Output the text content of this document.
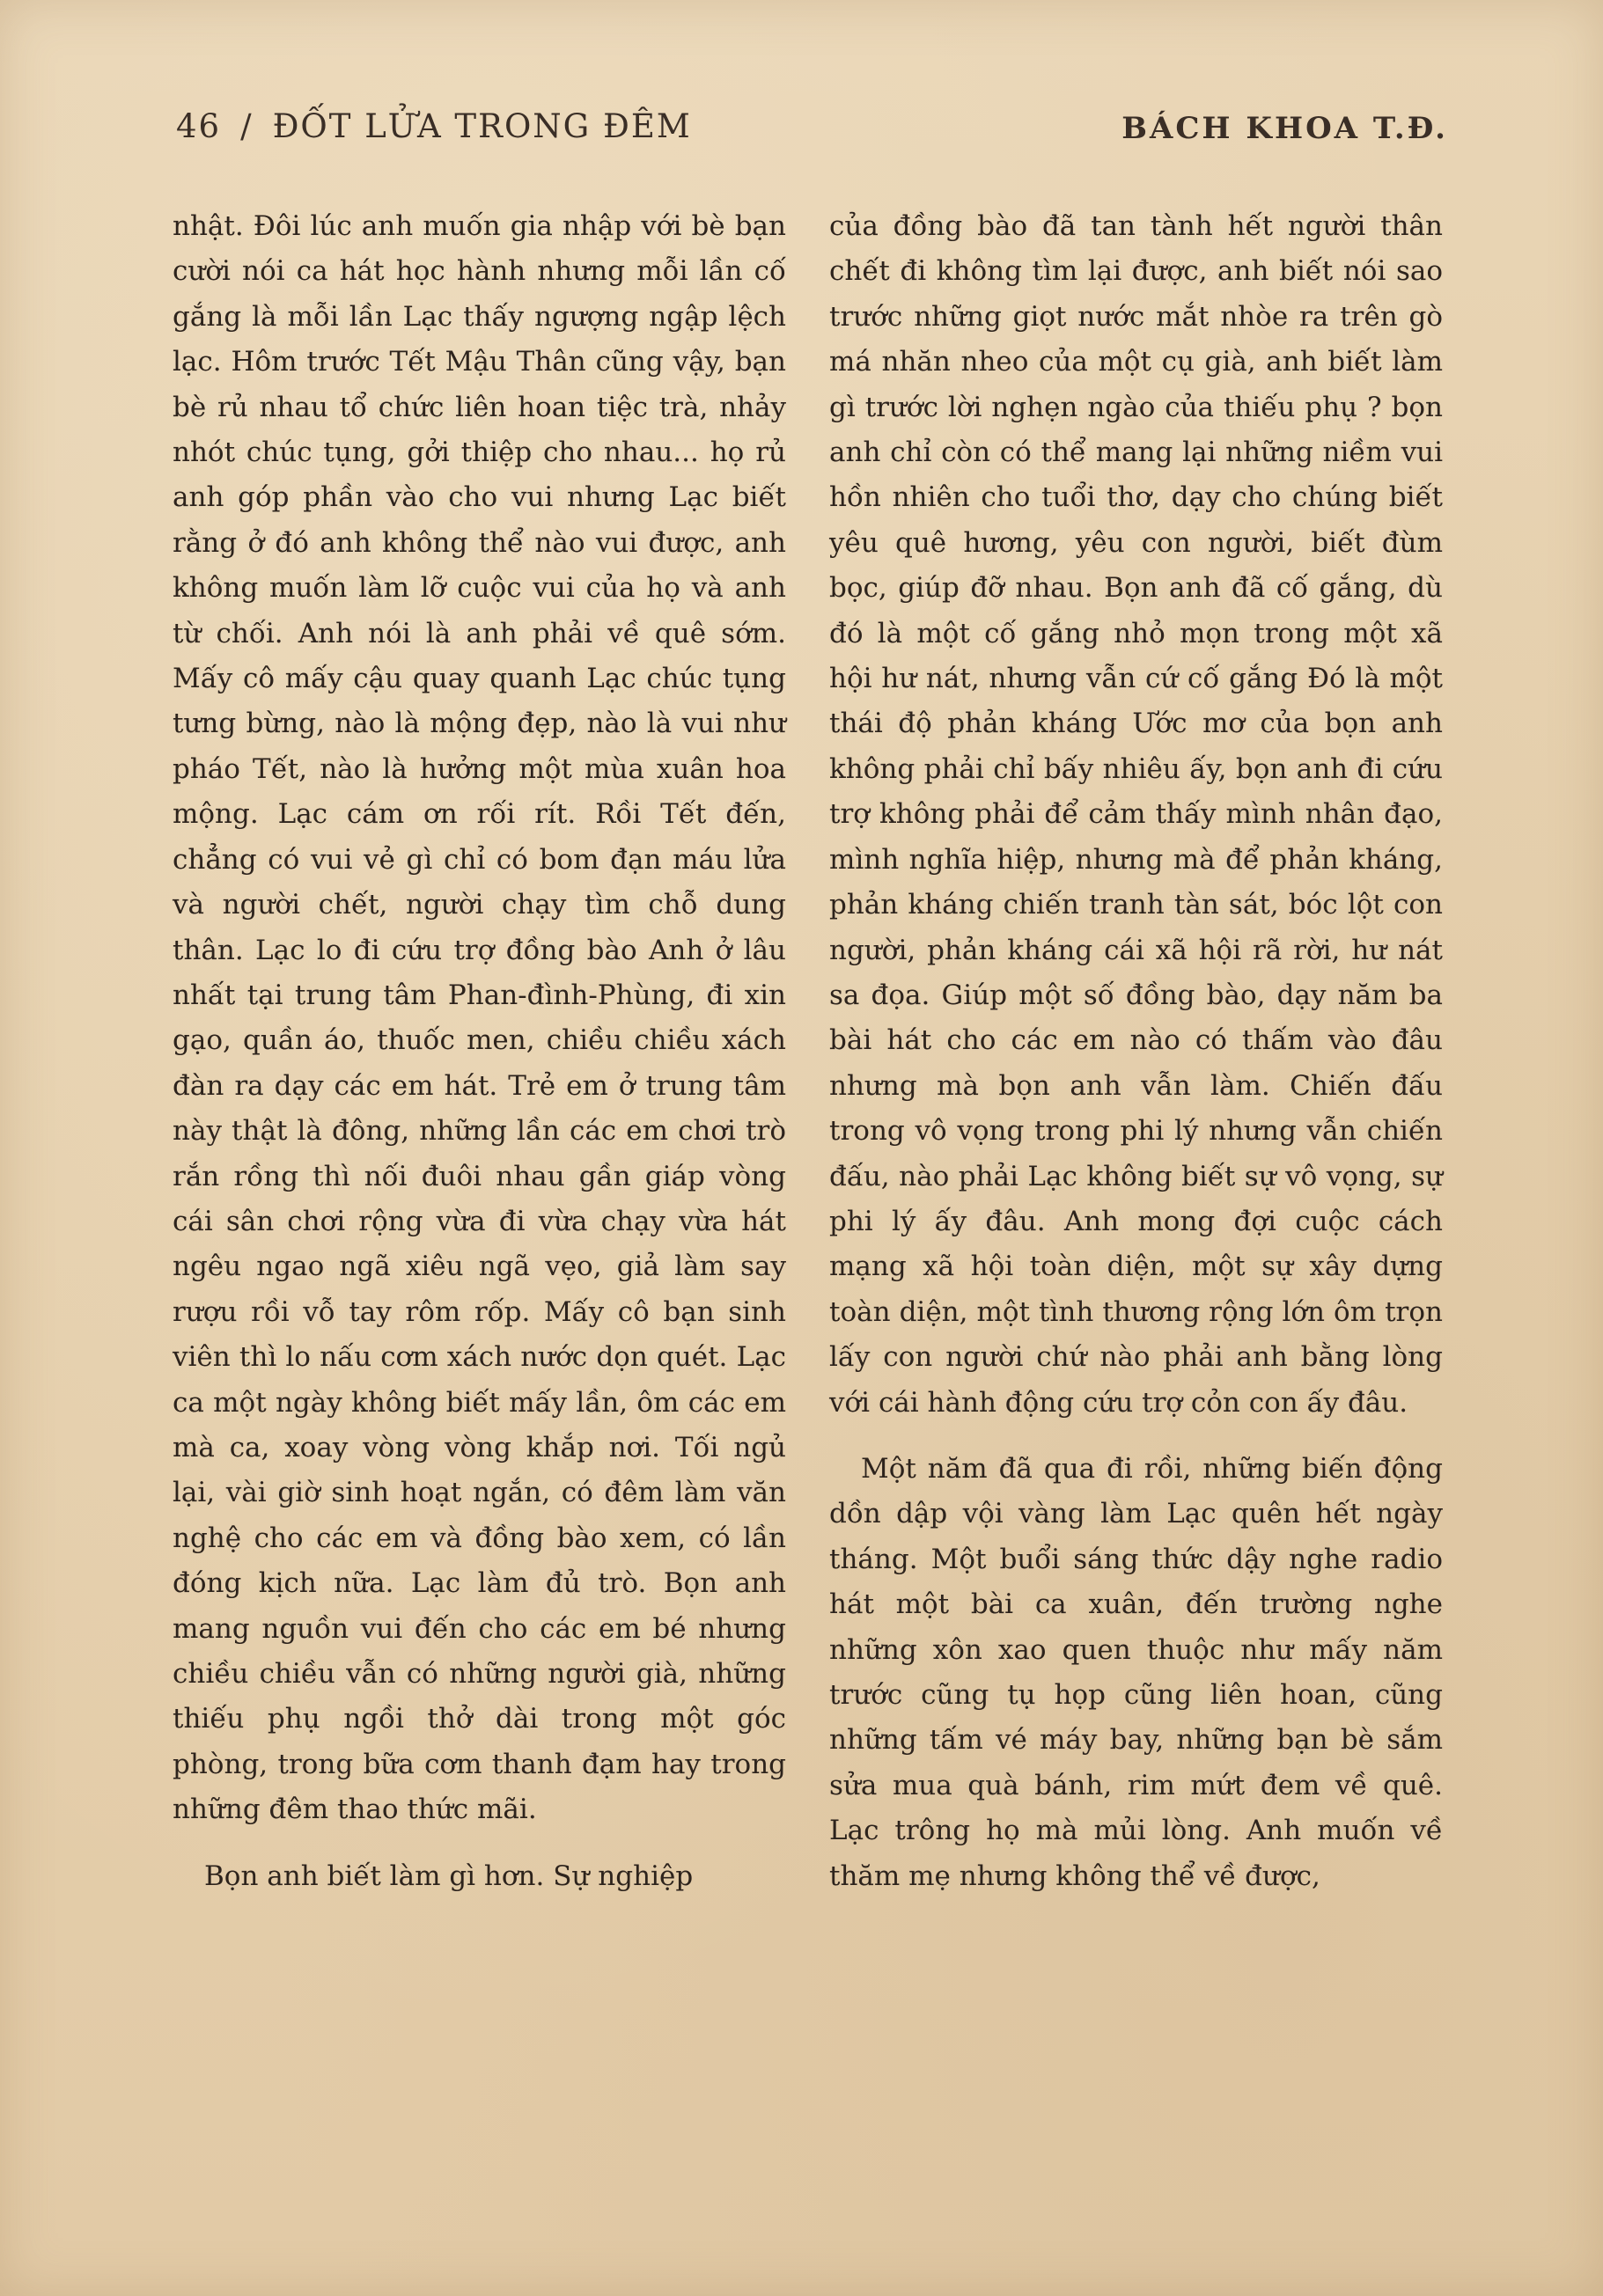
46 / ĐỐT LỬA TRONG ĐÊM	BÁCH KHOA T.Đ.

nhật. Đôi lúc anh muốn gia nhập với bè bạn cười nói ca hát học hành nhưng mỗi lần cố gắng là mỗi lần Lạc thấy ngượng ngập lệch lạc. Hôm trước Tết Mậu Thân cũng vậy, bạn bè rủ nhau tổ chức liên hoan tiệc trà, nhảy nhót chúc tụng, gởi thiệp cho nhau... họ rủ anh góp phần vào cho vui nhưng Lạc biết rằng ở đó anh không thể nào vui được, anh không muốn làm lỡ cuộc vui của họ và anh từ chối. Anh nói là anh phải về quê sớm. Mấy cô mấy cậu quay quanh Lạc chúc tụng tưng bừng, nào là mộng đẹp, nào là vui như pháo Tết, nào là hưởng một mùa xuân hoa mộng. Lạc cám ơn rối rít. Rồi Tết đến, chẳng có vui vẻ gì chỉ có bom đạn máu lửa và người chết, người chạy tìm chỗ dung thân. Lạc lo đi cứu trợ đồng bào Anh ở lâu nhất tại trung tâm Phan-đình-Phùng, đi xin gạo, quần áo, thuốc men, chiều chiều xách đàn ra dạy các em hát. Trẻ em ở trung tâm này thật là đông, những lần các em chơi trò rắn rồng thì nối đuôi nhau gần giáp vòng cái sân chơi rộng vừa đi vừa chạy vừa hát ngêu ngao ngã xiêu ngã vẹo, giả làm say rượu rồi vỗ tay rôm rốp. Mấy cô bạn sinh viên thì lo nấu cơm xách nước dọn quét. Lạc ca một ngày không biết mấy lần, ôm các em mà ca, xoay vòng vòng khắp nơi. Tối ngủ lại, vài giờ sinh hoạt ngắn, có đêm làm văn nghệ cho các em và đồng bào xem, có lần đóng kịch nữa. Lạc làm đủ trò. Bọn anh mang nguồn vui đến cho các em bé nhưng chiều chiều vẫn có những người già, những thiếu phụ ngồi thở dài trong một góc phòng, trong bữa cơm thanh đạm hay trong những đêm thao thức mãi.

Bọn anh biết làm gì hơn. Sự nghiệp

của đồng bào đã tan tành hết người thân chết đi không tìm lại được, anh biết nói sao trước những giọt nước mắt nhòe ra trên gò má nhăn nheo của một cụ già, anh biết làm gì trước lời nghẹn ngào của thiếu phụ ? bọn anh chỉ còn có thể mang lại những niềm vui hồn nhiên cho tuổi thơ, dạy cho chúng biết yêu quê hương, yêu con người, biết đùm bọc, giúp đỡ nhau. Bọn anh đã cố gắng, dù đó là một cố gắng nhỏ mọn trong một xã hội hư nát, nhưng vẫn cứ cố gắng Đó là một thái độ phản kháng Ước mơ của bọn anh không phải chỉ bấy nhiêu ấy, bọn anh đi cứu trợ không phải để cảm thấy mình nhân đạo, mình nghĩa hiệp, nhưng mà để phản kháng, phản kháng chiến tranh tàn sát, bóc lột con người, phản kháng cái xã hội rã rời, hư nát sa đọa. Giúp một số đồng bào, dạy năm ba bài hát cho các em nào có thấm vào đâu nhưng mà bọn anh vẫn làm. Chiến đấu trong vô vọng trong phi lý nhưng vẫn chiến đấu, nào phải Lạc không biết sự vô vọng, sự phi lý ấy đâu. Anh mong đợi cuộc cách mạng xã hội toàn diện, một sự xây dựng toàn diện, một tình thương rộng lớn ôm trọn lấy con người chứ nào phải anh bằng lòng với cái hành động cứu trợ cỏn con ấy đâu.

Một năm đã qua đi rồi, những biến động dồn dập vội vàng làm Lạc quên hết ngày tháng. Một buổi sáng thức dậy nghe radio hát một bài ca xuân, đến trường nghe những xôn xao quen thuộc như mấy năm trước cũng tụ họp cũng liên hoan, cũng những tấm vé máy bay, những bạn bè sắm sửa mua quà bánh, rim mứt đem về quê. Lạc trông họ mà mủi lòng. Anh muốn về thăm mẹ nhưng không thể về được,
